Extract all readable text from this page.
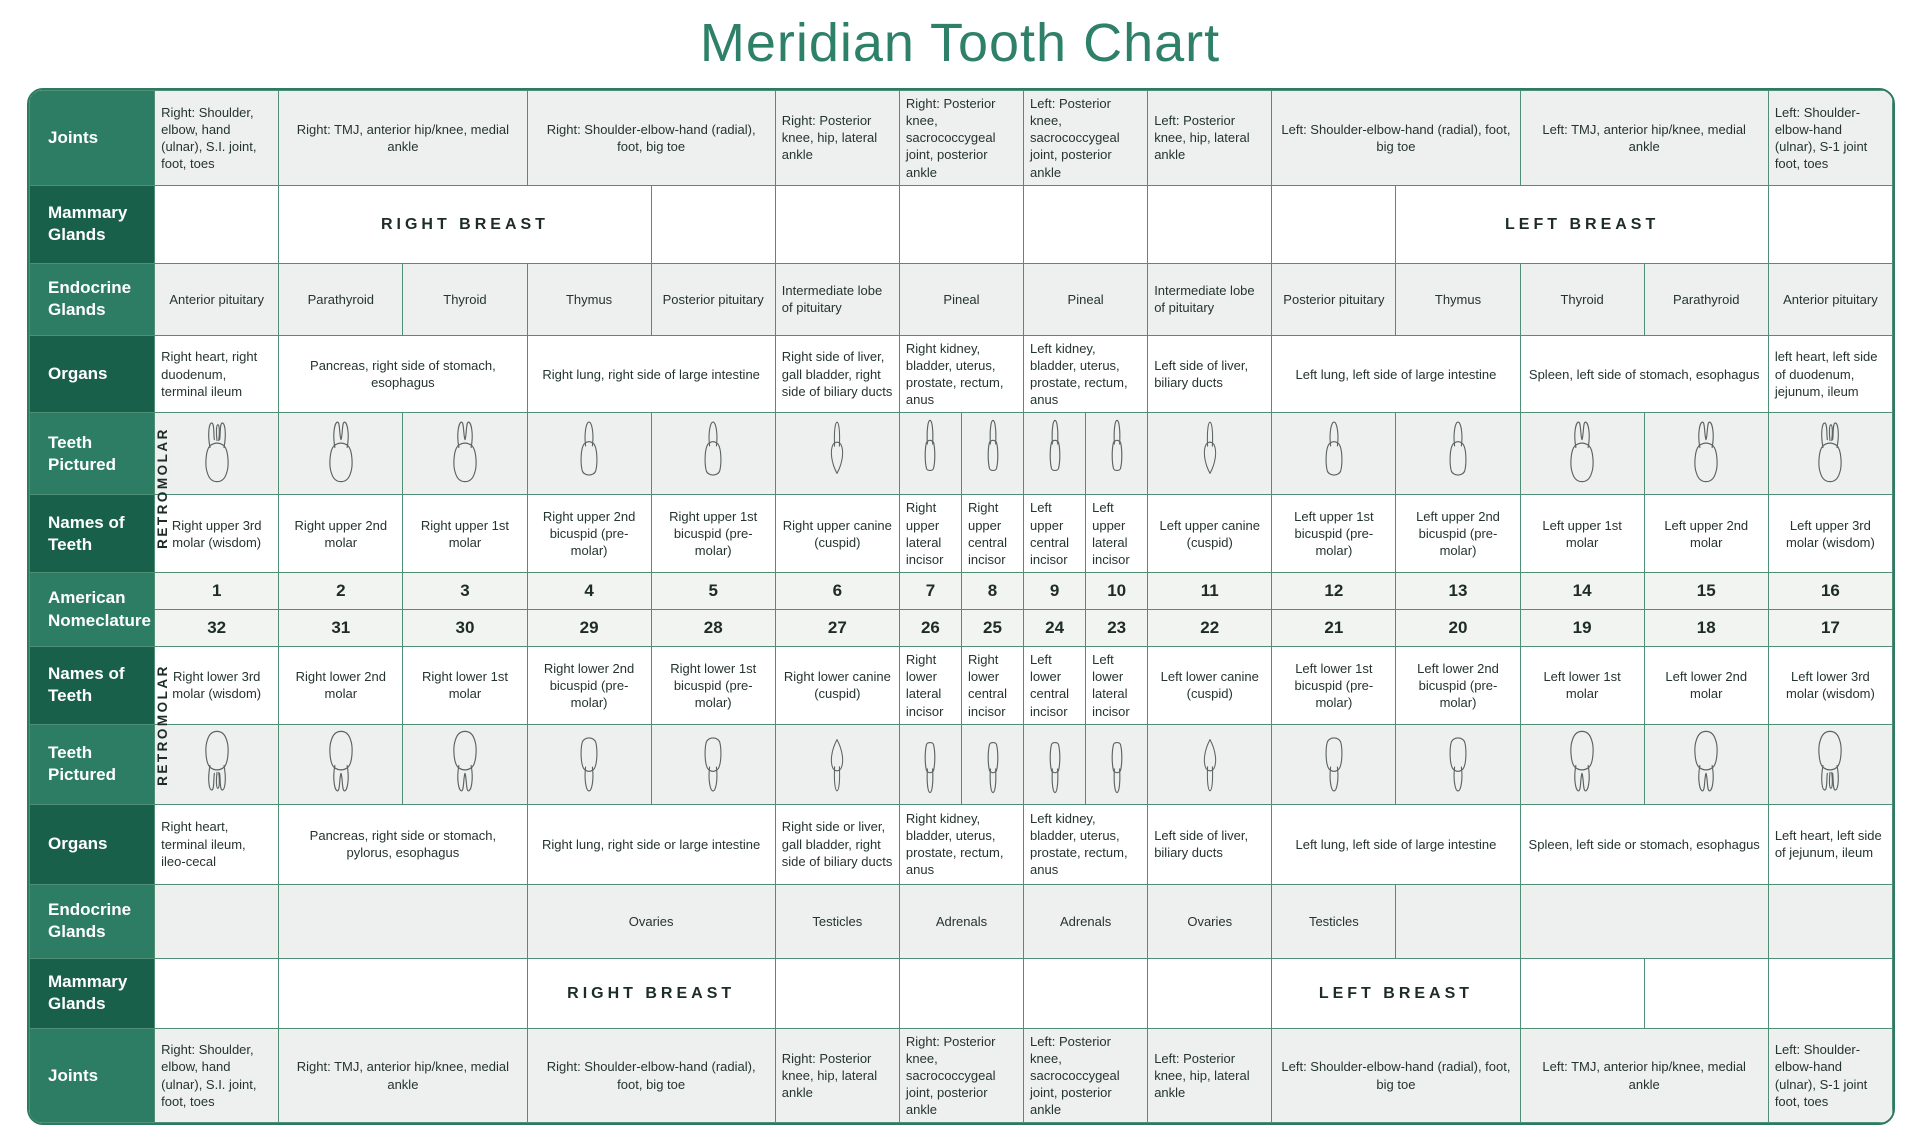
Meridian Tooth Chart
Joints	Right: Shoulder, elbow, hand (ulnar), S.I. joint, foot, toes	Right: TMJ, anterior hip/knee, medial ankle		Right: Shoulder-elbow-hand (radial), foot, big toe		Right: Posterior knee, hip, lateral ankle	Right: Posterior knee, sacrococcygeal joint, posterior ankle		Left: Posterior knee, sacrococcygeal joint, posterior ankle		Left: Posterior knee, hip, lateral ankle	Left: Shoulder-elbow-hand (radial), foot, big toe		Left: TMJ, anterior hip/knee, medial ankle		Left: Shoulder-elbow-hand (ulnar), S-1 joint foot, toes
Mammary Glands		RIGHT BREAST											LEFT BREAST			
Endocrine Glands	Anterior pituitary	Parathyroid	Thyroid	Thymus	Posterior pituitary	Intermediate lobe of pituitary	Pineal		Pineal		Intermediate lobe of pituitary	Posterior pituitary	Thymus	Thyroid	Parathyroid	Anterior pituitary
Organs	Right heart, right duodenum, terminal ileum	Pancreas, right side of stomach, esophagus		Right lung, right side of large intestine		Right side of liver, gall bladder, right side of biliary ducts	Right kidney, bladder, uterus, prostate, rectum, anus		Left kidney, bladder, uterus, prostate, rectum, anus		Left side of liver, biliary ducts	Left lung, left side of large intestine		Spleen, left side of stomach, esophagus		left heart, left side of duodenum, jejunum, ileum
Teeth Pictured	RETROMOLAR

Names of Teeth	Right upper 3rd molar (wisdom)	Right upper 2nd molar	Right upper 1st molar	Right upper 2nd bicuspid (pre-molar)	Right upper 1st bicuspid (pre-molar)	Right upper canine (cuspid)	Right upper lateral incisor	Right upper central incisor	Left upper central incisor	Left upper lateral incisor	Left upper canine (cuspid)	Left upper 1st bicuspid (pre-molar)	Left upper 2nd bicuspid (pre-molar)	Left upper 1st molar	Left upper 2nd molar	Left upper 3rd molar (wisdom)
American Nomeclature	1	2	3	4	5	6	7	8	9	10	11	12	13	14	15	16
	32	31	30	29	28	27	26	25	24	23	22	21	20	19	18	17
Names of Teeth	Right lower 3rd molar (wisdom)	Right lower 2nd molar	Right lower 1st molar	Right lower 2nd bicuspid (pre-molar)	Right lower 1st bicuspid (pre-molar)	Right lower canine (cuspid)	Right lower lateral incisor	Right lower central incisor	Left lower central incisor	Left lower lateral incisor	Left lower canine (cuspid)	Left lower 1st bicuspid (pre-molar)	Left lower 2nd bicuspid (pre-molar)	Left lower 1st molar	Left lower 2nd molar	Left lower 3rd molar (wisdom)
Teeth Pictured	RETROMOLAR

Organs	Right heart, terminal ileum, ileo-cecal	Pancreas, right side or stomach, pylorus, esophagus		Right lung, right side or large intestine		Right side or liver, gall bladder, right side of biliary ducts	Right kidney, bladder, uterus, prostate, rectum, anus		Left kidney, bladder, uterus, prostate, rectum, anus		Left side of liver, biliary ducts	Left lung, left side of large intestine		Spleen, left side or stomach, esophagus		Left heart, left side of jejunum, ileum
Endocrine Glands				Ovaries		Testicles	Adrenals		Adrenals		Ovaries	Testicles				
Mammary Glands				RIGHT BREAST								LEFT BREAST				
Joints	Right: Shoulder, elbow, hand (ulnar), S.I. joint, foot, toes	Right: TMJ, anterior hip/knee, medial ankle		Right: Shoulder-elbow-hand (radial), foot, big toe		Right: Posterior knee, hip, lateral ankle	Right: Posterior knee, sacrococcygeal joint, posterior ankle		Left: Posterior knee, sacrococcygeal joint, posterior ankle		Left: Posterior knee, hip, lateral ankle	Left: Shoulder-elbow-hand (radial), foot, big toe		Left: TMJ, anterior hip/knee, medial ankle		Left: Shoulder-elbow-hand (ulnar), S-1 joint foot, toes
